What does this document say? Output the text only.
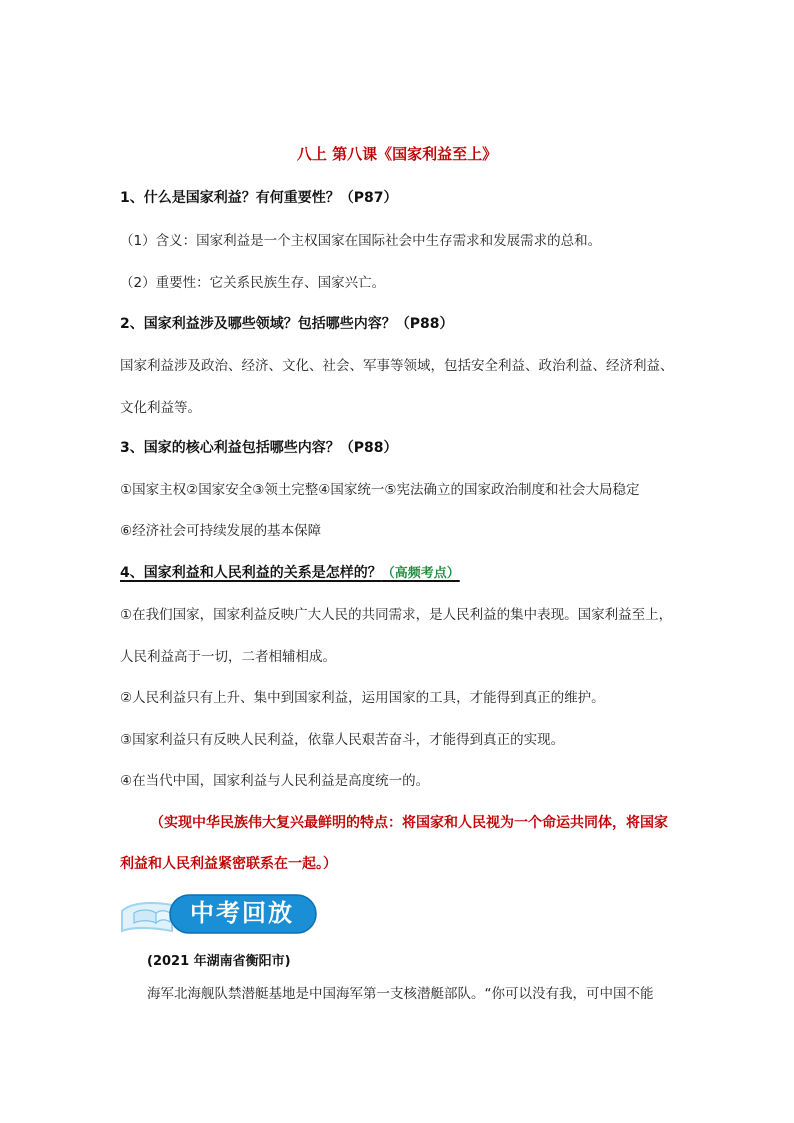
八上 第八课《国家利益至上》
1、什么是国家利益？有何重要性？（P87）
（1）含义：国家利益是一个主权国家在国际社会中生存需求和发展需求的总和。
（2）重要性：它关系民族生存、国家兴亡。
2、国家利益涉及哪些领域？包括哪些内容？（P88）
国家利益涉及政治、经济、文化、社会、军事等领域，包括安全利益、政治利益、经济利益、
文化利益等。
3、国家的核心利益包括哪些内容？（P88）
①国家主权②国家安全③领土完整④国家统一⑤宪法确立的国家政治制度和社会大局稳定
⑥经济社会可持续发展的基本保障
4、国家利益和人民利益的关系是怎样的？（高频考点）
①在我们国家，国家利益反映广大人民的共同需求，是人民利益的集中表现。国家利益至上，
人民利益高于一切，二者相辅相成。
②人民利益只有上升、集中到国家利益，运用国家的工具，才能得到真正的维护。
③国家利益只有反映人民利益，依靠人民艰苦奋斗，才能得到真正的实现。
④在当代中国，国家利益与人民利益是高度统一的。
（实现中华民族伟大复兴最鲜明的特点：将国家和人民视为一个命运共同体，将国家
利益和人民利益紧密联系在一起。）
中考回放
(2021 年湖南省衡阳市)
海军北海舰队禁潜艇基地是中国海军第一支核潜艇部队。“你可以没有我，可中国不能
